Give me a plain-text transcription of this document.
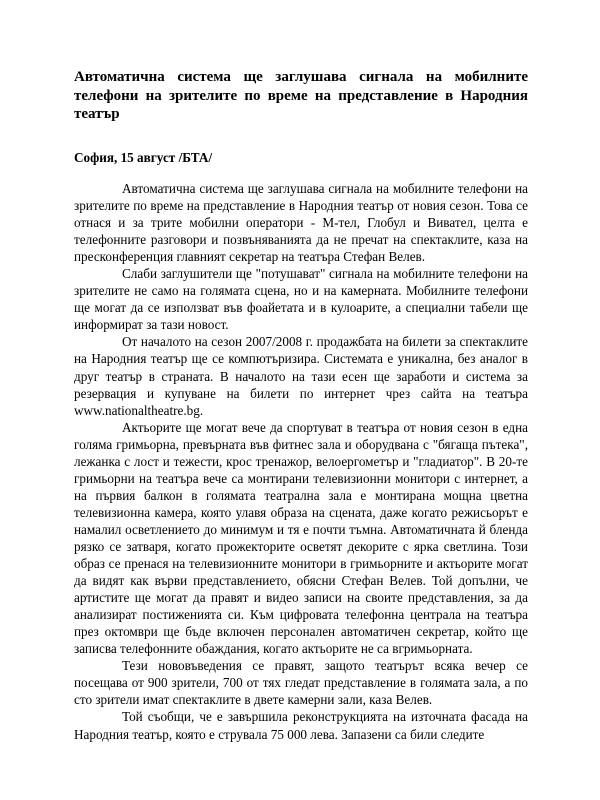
Автоматична система ще заглушава сигнала на мобилните телефони на зрителите по време на представление в Народния театър

София, 15 август /БТА/

Автоматична система ще заглушава сигнала на мобилните телефони на зрителите по време на представление в Народния театър от новия сезон. Това се отнася и за трите мобилни оператори - М-тел, Глобул и Вивател, целта е телефонните разговори и позвъняванията да не пречат на спектаклите, каза на пресконференция главният секретар на театъра Стефан Велев.

Слаби заглушители ще "потушават" сигнала на мобилните телефони на зрителите не само на голямата сцена, но и на камерната. Мобилните телефони ще могат да се използват във фоайетата и в кулоарите, а специални табели ще информират за тази новост.

От началото на сезон 2007/2008 г. продажбата на билети за спектаклите на Народния театър ще се компютъризира. Системата е уникална, без аналог в друг театър в страната. В началото на тази есен ще заработи и система за резервация и купуване на билети по интернет чрез сайта на театъра www.nationaltheatre.bg.

Актьорите ще могат вече да спортуват в театъра от новия сезон в една голяма гримьорна, превърната във фитнес зала и оборудвана с "бягаща пътека", лежанка с лост и тежести, крос тренажор, велоергометър и "гладиатор". В 20-те гримьорни на театъра вече са монтирани телевизионни монитори с интернет, а на първия балкон в голямата театрална зала е монтирана мощна цветна телевизионна камера, която улавя образа на сцената, даже когато режисьорът е намалил осветлението до минимум и тя е почти тъмна. Автоматичната й бленда рязко се затваря, когато прожекторите осветят декорите с ярка светлина. Този образ се пренася на телевизионните монитори в гримьорните и актьорите могат да видят как върви представлението, обясни Стефан Велев. Той допълни, че артистите ще могат да правят и видео записи на своите представления, за да анализират постиженията си. Към цифровата телефонна централа на театъра през октомври ще бъде включен персонален автоматичен секретар, който ще записва телефонните обаждания, когато актьорите не са вгримьорната.

Тези нововъведения се правят, защото театърът всяка вечер се посещава от 900 зрители, 700 от тях гледат представление в голямата зала, а по сто зрители имат спектаклите в двете камерни зали, каза Велев.

Той съобщи, че е завършила реконструкцията на източната фасада на Народния театър, която е струвала 75 000 лева. Запазени са били следите
